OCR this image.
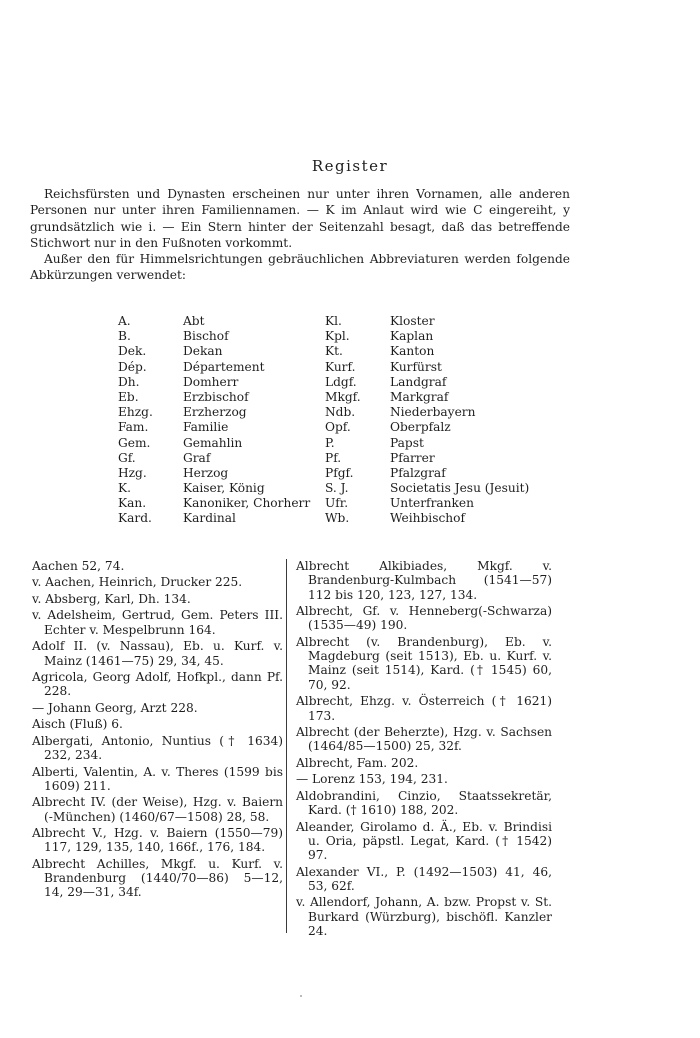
Register

Reichsfürsten und Dynasten erscheinen nur unter ihren Vornamen, alle anderen Personen nur unter ihren Familiennamen. — K im Anlaut wird wie C eingereiht, y grundsätzlich wie i. — Ein Stern hinter der Seitenzahl besagt, daß das betreffende Stichwort nur in den Fußnoten vorkommt.

Außer den für Himmelsrichtungen gebräuchlichen Abbreviaturen werden folgende Abkürzungen verwendet:

A.	Abt	Kl.	Kloster
B.	Bischof	Kpl.	Kaplan
Dek.	Dekan	Kt.	Kanton
Dép.	Département	Kurf.	Kurfürst
Dh.	Domherr	Ldgf.	Landgraf
Eb.	Erzbischof	Mkgf.	Markgraf
Ehzg.	Erzherzog	Ndb.	Niederbayern
Fam.	Familie	Opf.	Oberpfalz
Gem.	Gemahlin	P.	Papst
Gf.	Graf	Pf.	Pfarrer
Hzg.	Herzog	Pfgf.	Pfalzgraf
K.	Kaiser, König	S. J.	Societatis Jesu (Jesuit)
Kan.	Kanoniker, Chorherr	Ufr.	Unterfranken
Kard.	Kardinal	Wb.	Weihbischof
Aachen 52, 74.
v. Aachen, Heinrich, Drucker 225.
v. Absberg, Karl, Dh. 134.
v. Adelsheim, Gertrud, Gem. Peters III. Echter v. Mespelbrunn 164.
Adolf II. (v. Nassau), Eb. u. Kurf. v. Mainz (1461—75) 29, 34, 45.
Agricola, Georg Adolf, Hofkpl., dann Pf. 228.
— Johann Georg, Arzt 228.
Aisch (Fluß) 6.
Albergati, Antonio, Nuntius († 1634) 232, 234.
Alberti, Valentin, A. v. Theres (1599 bis 1609) 211.
Albrecht IV. (der Weise), Hzg. v. Baiern (-München) (1460/67—1508) 28, 58.
Albrecht V., Hzg. v. Baiern (1550—79) 117, 129, 135, 140, 166f., 176, 184.
Albrecht Achilles, Mkgf. u. Kurf. v. Brandenburg (1440/70—86) 5—12, 14, 29—31, 34f.
Albrecht Alkibiades, Mkgf. v. Brandenburg-Kulmbach (1541—57) 112 bis 120, 123, 127, 134.
Albrecht, Gf. v. Henneberg(-Schwarza) (1535—49) 190.
Albrecht (v. Brandenburg), Eb. v. Magdeburg (seit 1513), Eb. u. Kurf. v. Mainz (seit 1514), Kard. († 1545) 60, 70, 92.
Albrecht, Ehzg. v. Österreich († 1621) 173.
Albrecht (der Beherzte), Hzg. v. Sachsen (1464/85—1500) 25, 32f.
Albrecht, Fam. 202.
— Lorenz 153, 194, 231.
Aldobrandini, Cinzio, Staatssekretär, Kard. († 1610) 188, 202.
Aleander, Girolamo d. Ä., Eb. v. Brindisi u. Oria, päpstl. Legat, Kard. († 1542) 97.
Alexander VI., P. (1492—1503) 41, 46, 53, 62f.
v. Allendorf, Johann, A. bzw. Propst v. St. Burkard (Würzburg), bischöfl. Kanzler 24.
